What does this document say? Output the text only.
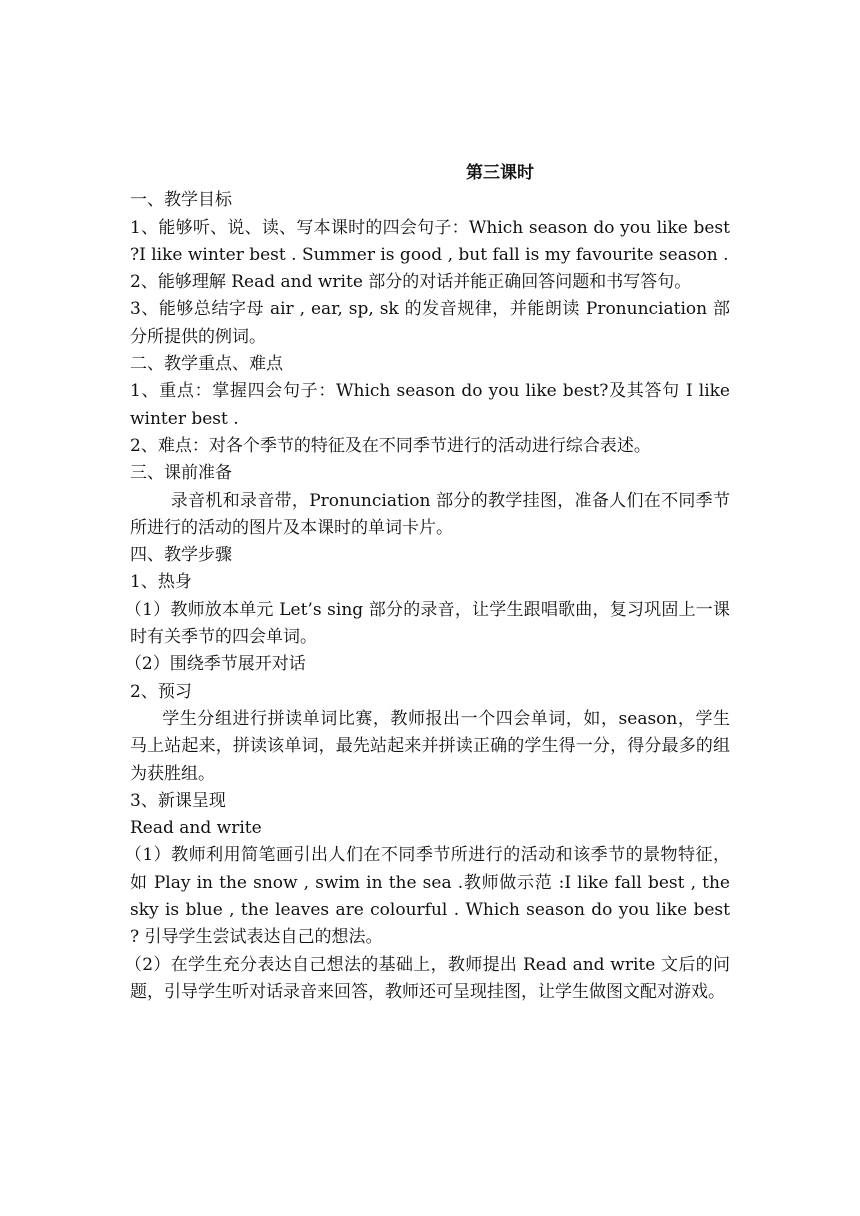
第三课时

一、教学目标

1、能够听、说、读、写本课时的四会句子：Which season do you like best ?I like winter best . Summer is good , but fall is my favourite season .

2、能够理解 Read and write 部分的对话并能正确回答问题和书写答句。

3、能够总结字母 air , ear, sp, sk 的发音规律，并能朗读 Pronunciation 部分所提供的例词。

二、教学重点、难点

1、重点：掌握四会句子：Which season do you like best?及其答句 I like winter best .

2、难点：对各个季节的特征及在不同季节进行的活动进行综合表述。

三、课前准备

录音机和录音带，Pronunciation 部分的教学挂图，准备人们在不同季节所进行的活动的图片及本课时的单词卡片。

四、教学步骤

1、热身

（1）教师放本单元 Let’s sing 部分的录音，让学生跟唱歌曲，复习巩固上一课时有关季节的四会单词。

（2）围绕季节展开对话

2、预习

学生分组进行拼读单词比赛，教师报出一个四会单词，如，season，学生马上站起来，拼读该单词，最先站起来并拼读正确的学生得一分，得分最多的组为获胜组。

3、新课呈现

Read and write

（1）教师利用简笔画引出人们在不同季节所进行的活动和该季节的景物特征，如 Play in the snow , swim in the sea .教师做示范 :I like fall best , the sky is blue , the leaves are colourful . Which season do you like best ? 引导学生尝试表达自己的想法。

（2）在学生充分表达自己想法的基础上，教师提出 Read and write 文后的问题，引导学生听对话录音来回答，教师还可呈现挂图，让学生做图文配对游戏。
